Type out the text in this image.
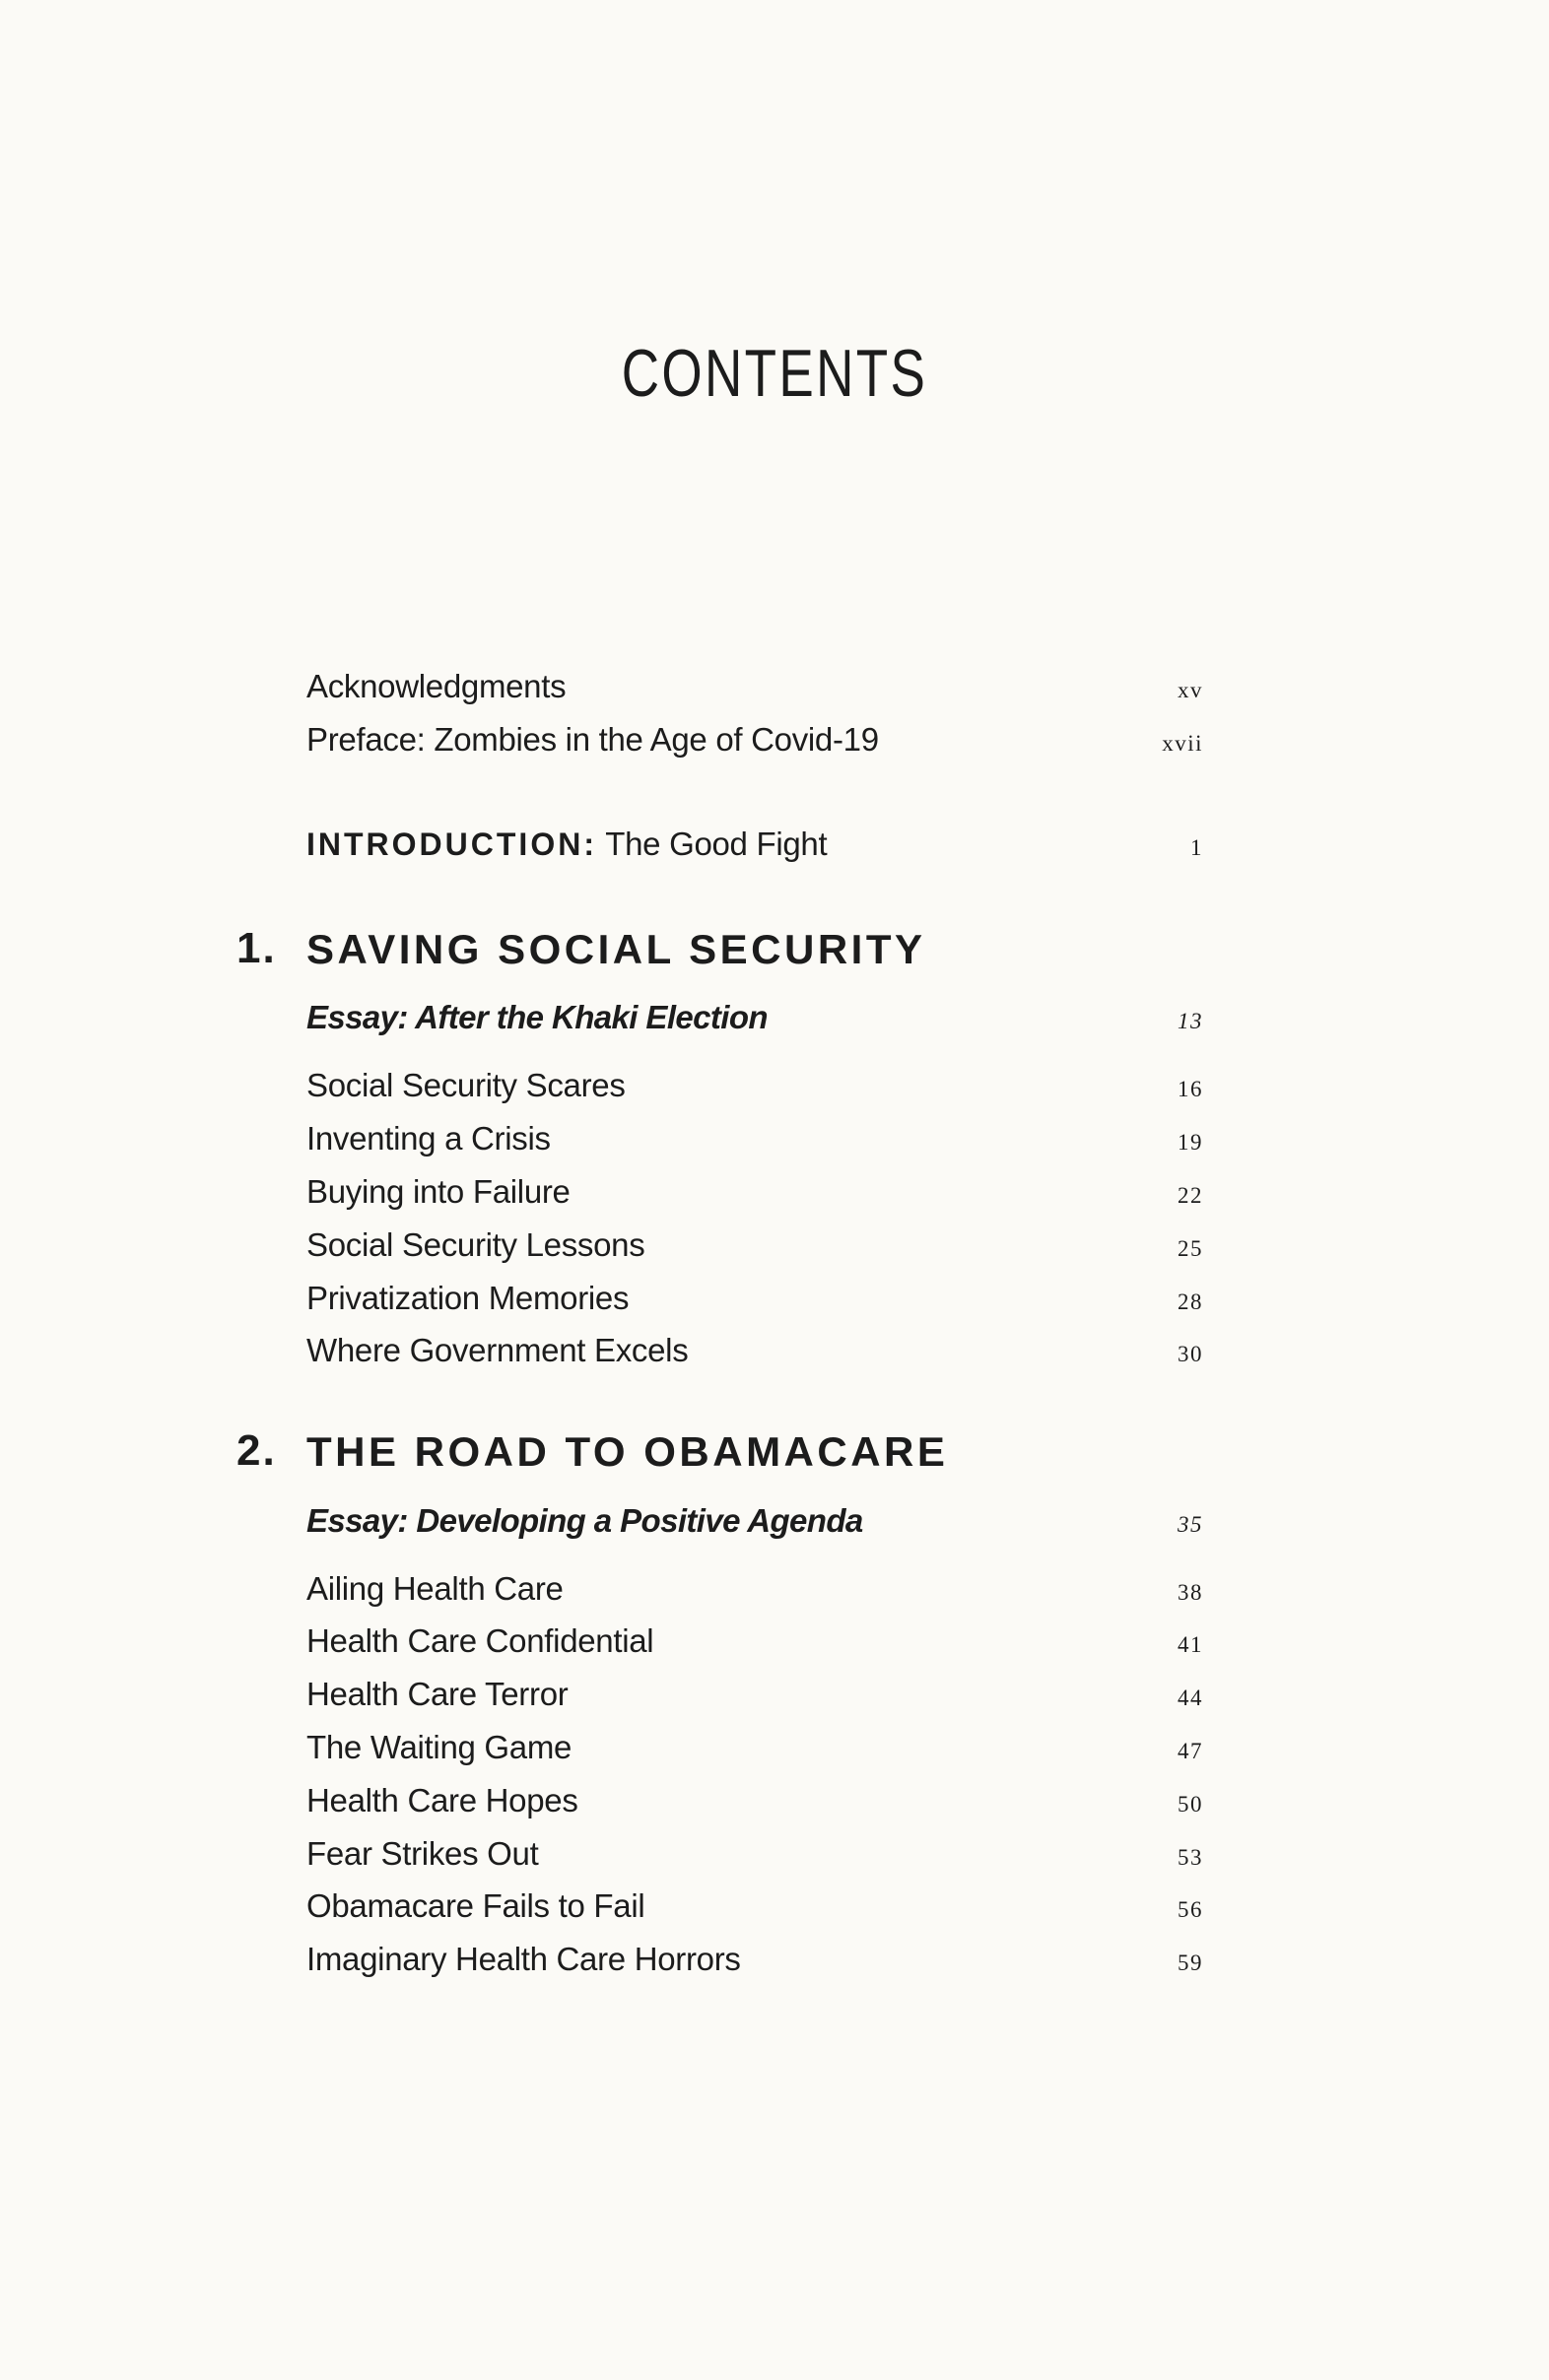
CONTENTS
Acknowledgments	xv
Preface: Zombies in the Age of Covid-19	xvii
INTRODUCTION: The Good Fight	1
1. SAVING SOCIAL SECURITY
Essay: After the Khaki Election	13
Social Security Scares	16
Inventing a Crisis	19
Buying into Failure	22
Social Security Lessons	25
Privatization Memories	28
Where Government Excels	30
2. THE ROAD TO OBAMACARE
Essay: Developing a Positive Agenda	35
Ailing Health Care	38
Health Care Confidential	41
Health Care Terror	44
The Waiting Game	47
Health Care Hopes	50
Fear Strikes Out	53
Obamacare Fails to Fail	56
Imaginary Health Care Horrors	59
